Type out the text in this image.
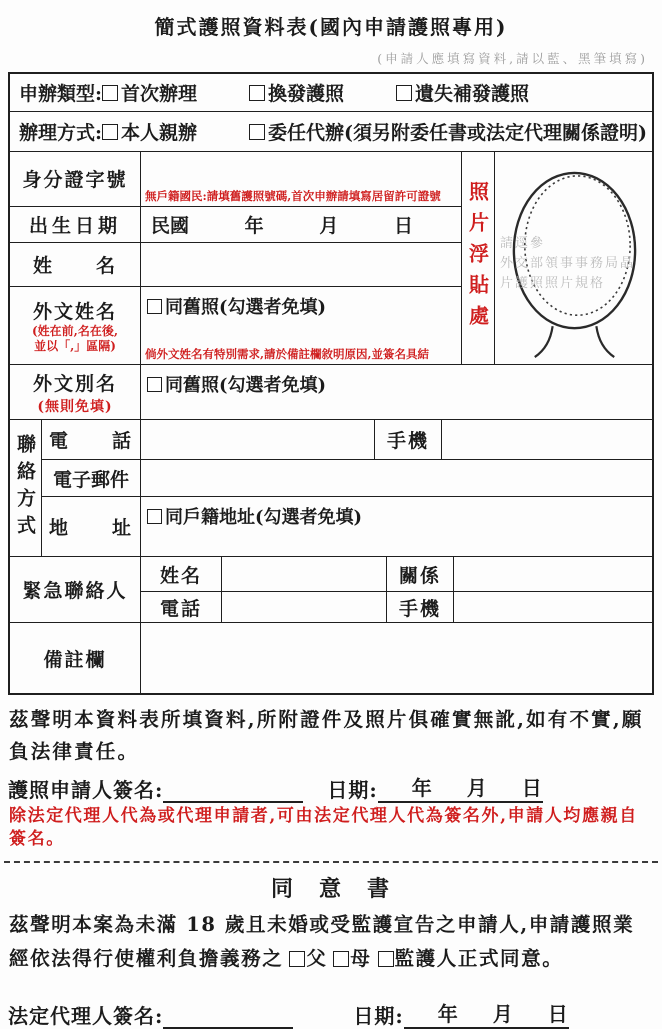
簡式護照資料表(國內申請護照專用)
(申請人應填寫資料,請以藍、黑筆填寫)
申辦類型: 首次辦理	換發護照	遺失補發護照
辦理方式: 本人親辦	委任代辦(須另附委任書或法定代理關係證明)
身分證字號
無戶籍國民:請填舊護照號碼,首次申辦請填寫居留許可證號
出生日期	民國	年	月	日
姓　　名
外文姓名
(姓在前,名在後,
並以「,」區隔)
同舊照(勾選者免填)
倘外文姓名有特別需求,請於備註欄敘明原因,並簽名具結
照片浮貼處 請逕參
外交部領事事務局晶
片護照照片規格
外文別名
(無則免填)
同舊照(勾選者免填)
聯絡方式 電　　話	手機
電子郵件
地　　址	同戶籍地址(勾選者免填)
緊急聯絡人
姓名	關係
電話	手機
備註欄
茲聲明本資料表所填資料,所附證件及照片俱確實無訛,如有不實,願負法律責任。
護照申請人簽名:	日期: 年 月 日
除法定代理人代為或代理申請者,可由法定代理人代為簽名外,申請人均應親自簽名。
同　意　書
茲聲明本案為未滿 18 歲且未婚或受監護宣告之申請人,申請護照業經依法得行使權利負擔義務之 父 母 監護人正式同意。
法定代理人簽名:	日期: 年 月 日
